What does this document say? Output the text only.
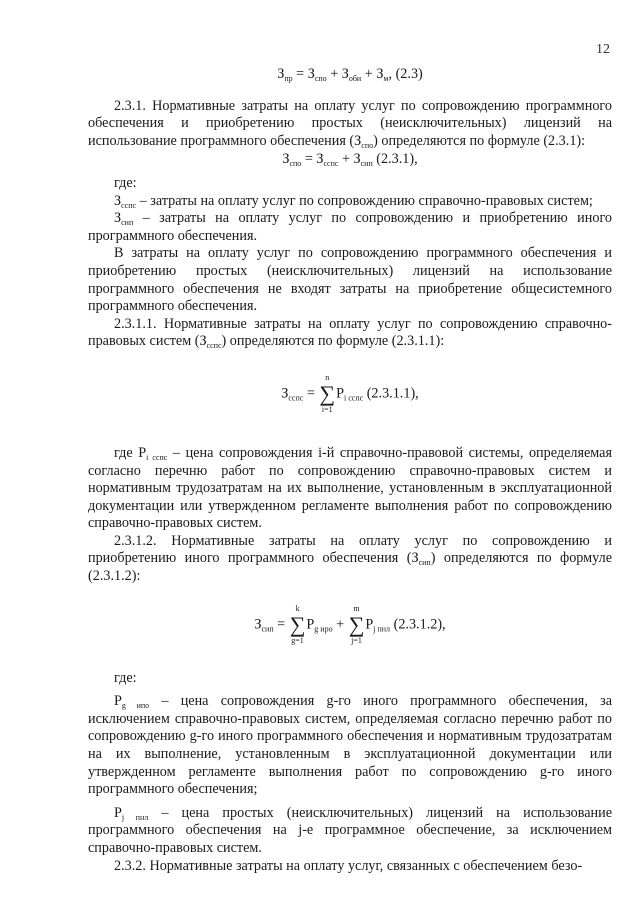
12
$З_{пр} = З_{спо} + З_{оби} + З_м$, (2.3)

2.3.1. Нормативные затраты на оплату услуг по сопровождению программного обеспечения и приобретению простых (неисключительных) лицензий на использование программного обеспечения $(З_{спо})$ определяются по формуле (2.3.1):

$З_{спо} = З_{сспс} + З_{сип}$ (2.3.1),

где:

$З_{сспс}$ – затраты на оплату услуг по сопровождению справочно-правовых систем;

$З_{сип}$ – затраты на оплату услуг по сопровождению и приобретению иного программного обеспечения.

В затраты на оплату услуг по сопровождению программного обеспечения и приобретению простых (неисключительных) лицензий на использование программного обеспечения не входят затраты на приобретение общесистемного программного обеспечения.

2.3.1.1. Нормативные затраты на оплату услуг по сопровождению справочно-правовых систем $(З_{сспс})$ определяются по формуле (2.3.1.1):

$З_{сспс}$ =
n
∑
i=1
$P_{i сспс}$ (2.3.1.1),

где $P_{i сспс}$ – цена сопровождения i-й справочно-правовой системы, определяемая согласно перечню работ по сопровождению справочно-правовых систем и нормативным трудозатратам на их выполнение, установленным в эксплуатационной документации или утвержденном регламенте выполнения работ по сопровождению справочно-правовых систем.

2.3.1.2. Нормативные затраты на оплату услуг по сопровождению и приобретению иного программного обеспечения $(З_{сип})$ определяются по формуле (2.3.1.2):

$З_{сип}$ =
k
∑
g=1
$P_{g иро}$ +
m
∑
j=1
$P_{j пнл}$ (2.3.1.2),

где:

$P_{g ипо}$ – цена сопровождения g-го иного программного обеспечения, за исключением справочно-правовых систем, определяемая согласно перечню работ по сопровождению g-го иного программного обеспечения и нормативным трудозатратам на их выполнение, установленным в эксплуатационной документации или утвержденном регламенте выполнения работ по сопровождению g-го иного программного обеспечения;

$P_{j пнл}$ – цена простых (неисключительных) лицензий на использование программного обеспечения на j-е программное обеспечение, за исключением справочно-правовых систем.

2.3.2. Нормативные затраты на оплату услуг, связанных с обеспечением безо-
